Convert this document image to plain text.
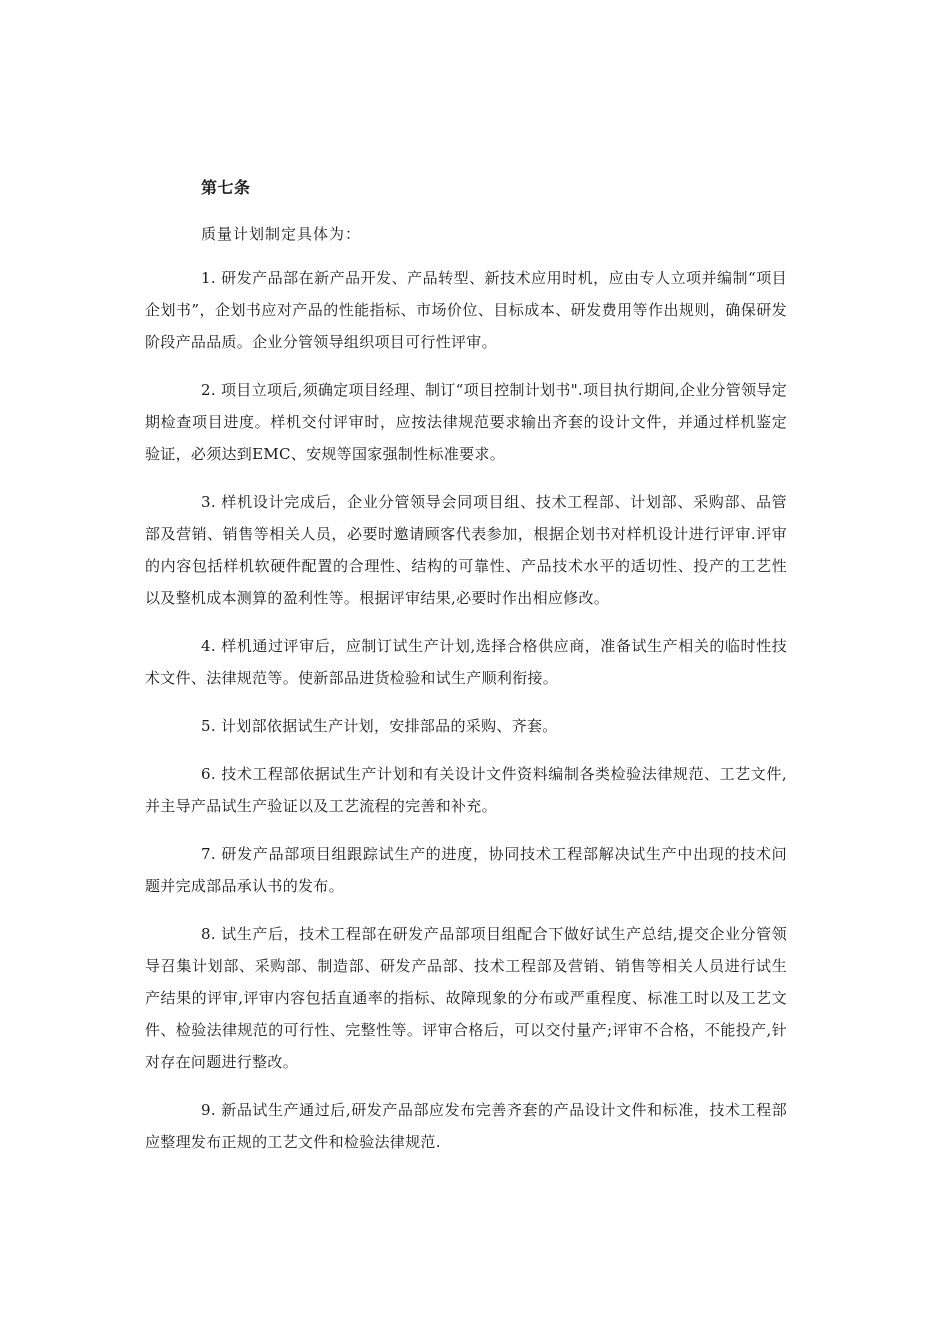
第七条
质量计划制定具体为：

1. 研发产品部在新产品开发、产品转型、新技术应用时机，应由专人立项并编制“项目企划书”，企划书应对产品的性能指标、市场价位、目标成本、研发费用等作出规则，确保研发阶段产品品质。企业分管领导组织项目可行性评审。

2. 项目立项后,须确定项目经理、制订“项目控制计划书".项目执行期间,企业分管领导定期检查项目进度。样机交付评审时，应按法律规范要求输出齐套的设计文件，并通过样机鉴定验证，必须达到EMC、安规等国家强制性标准要求。

3. 样机设计完成后，企业分管领导会同项目组、技术工程部、计划部、采购部、品管部及营销、销售等相关人员，必要时邀请顾客代表参加，根据企划书对样机设计进行评审.评审的内容包括样机软硬件配置的合理性、结构的可靠性、产品技术水平的适切性、投产的工艺性以及整机成本测算的盈利性等。根据评审结果,必要时作出相应修改。

4. 样机通过评审后，应制订试生产计划,选择合格供应商，准备试生产相关的临时性技术文件、法律规范等。使新部品进货检验和试生产顺利衔接。

5. 计划部依据试生产计划，安排部品的采购、齐套。

6. 技术工程部依据试生产计划和有关设计文件资料编制各类检验法律规范、工艺文件,并主导产品试生产验证以及工艺流程的完善和补充。

7. 研发产品部项目组跟踪试生产的进度，协同技术工程部解决试生产中出现的技术问题并完成部品承认书的发布。

8. 试生产后，技术工程部在研发产品部项目组配合下做好试生产总结,提交企业分管领导召集计划部、采购部、制造部、研发产品部、技术工程部及营销、销售等相关人员进行试生产结果的评审,评审内容包括直通率的指标、故障现象的分布或严重程度、标准工时以及工艺文件、检验法律规范的可行性、完整性等。评审合格后，可以交付量产;评审不合格，不能投产,针对存在问题进行整改。

9. 新品试生产通过后,研发产品部应发布完善齐套的产品设计文件和标准，技术工程部应整理发布正规的工艺文件和检验法律规范.
